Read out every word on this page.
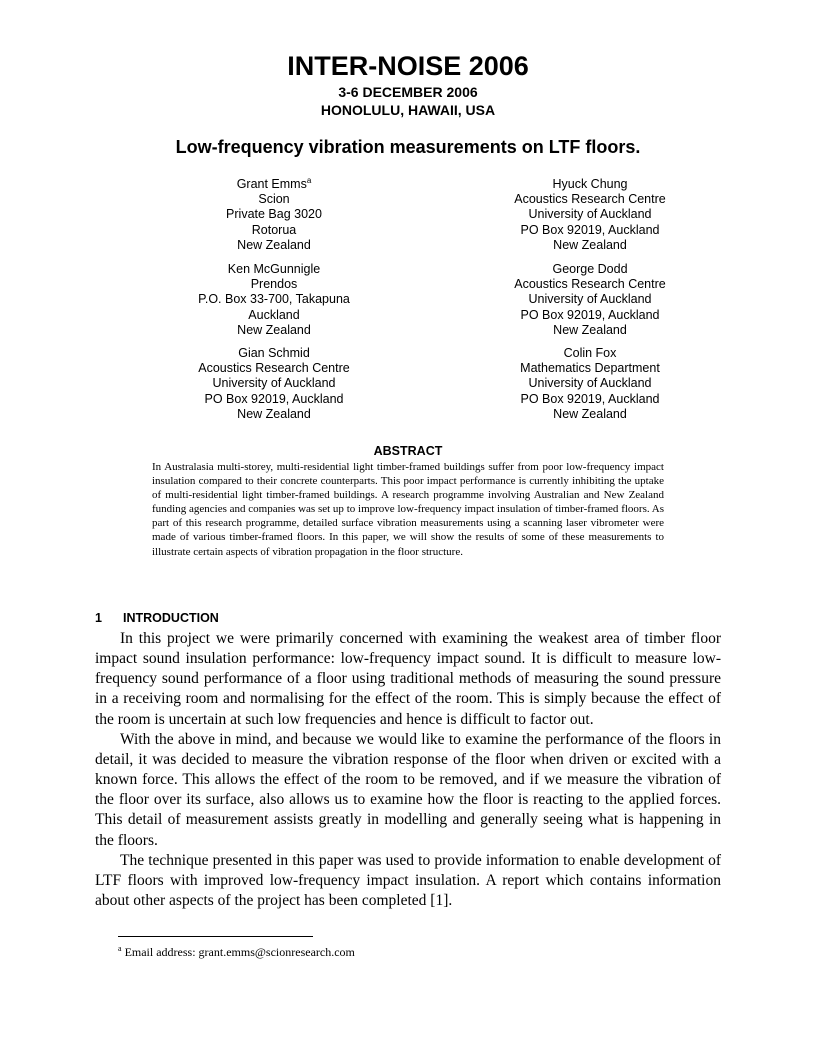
INTER-NOISE 2006
3-6 DECEMBER 2006
HONOLULU, HAWAII, USA
Low-frequency vibration measurements on LTF floors.
Grant Emms$^a$
Scion
Private Bag 3020
Rotorua
New Zealand
Hyuck Chung
Acoustics Research Centre
University of Auckland
PO Box 92019, Auckland
New Zealand
Ken McGunnigle
Prendos
P.O. Box 33-700, Takapuna
Auckland
New Zealand
George Dodd
Acoustics Research Centre
University of Auckland
PO Box 92019, Auckland
New Zealand
Gian Schmid
Acoustics Research Centre
University of Auckland
PO Box 92019, Auckland
New Zealand
Colin Fox
Mathematics Department
University of Auckland
PO Box 92019, Auckland
New Zealand
ABSTRACT
In Australasia multi-storey, multi-residential light timber-framed buildings suffer from poor low-frequency impact insulation compared to their concrete counterparts. This poor impact performance is currently inhibiting the uptake of multi-residential light timber-framed buildings. A research programme involving Australian and New Zealand funding agencies and companies was set up to improve low-frequency impact insulation of timber-framed floors. As part of this research programme, detailed surface vibration measurements using a scanning laser vibrometer were made of various timber-framed floors. In this paper, we will show the results of some of these measurements to illustrate certain aspects of vibration propagation in the floor structure.
1 INTRODUCTION

In this project we were primarily concerned with examining the weakest area of timber floor impact sound insulation performance: low-frequency impact sound. It is difficult to measure low-frequency sound performance of a floor using traditional methods of measuring the sound pressure in a receiving room and normalising for the effect of the room. This is simply because the effect of the room is uncertain at such low frequencies and hence is difficult to factor out.

With the above in mind, and because we would like to examine the performance of the floors in detail, it was decided to measure the vibration response of the floor when driven or excited with a known force. This allows the effect of the room to be removed, and if we measure the vibration of the floor over its surface, also allows us to examine how the floor is reacting to the applied forces. This detail of measurement assists greatly in modelling and generally seeing what is happening in the floors.

The technique presented in this paper was used to provide information to enable development of LTF floors with improved low-frequency impact insulation. A report which contains information about other aspects of the project has been completed [1].

$^a$ Email address: grant.emms@scionresearch.com
